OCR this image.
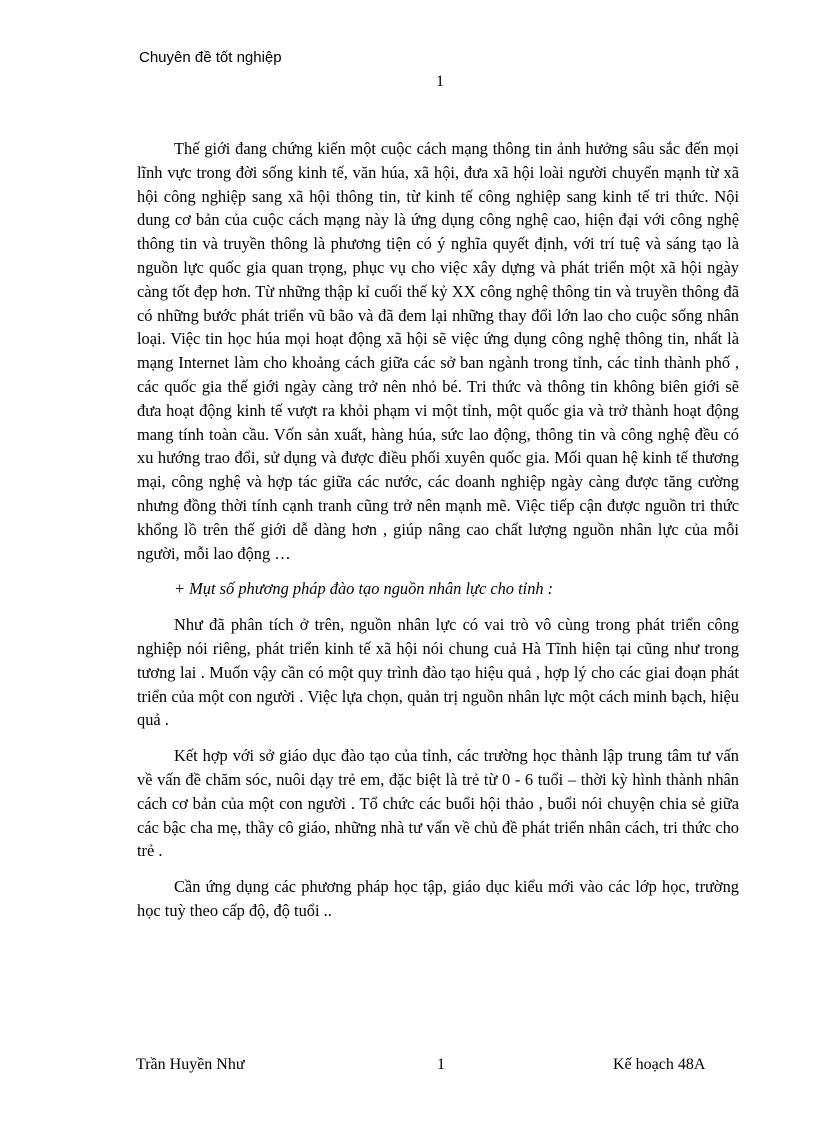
Chuyên đề tốt nghiệp
1

Thế giới đang chứng kiến một cuộc cách mạng thông tin ảnh hưởng sâu sắc đến mọi lĩnh vực trong đời sống kinh tế, văn húa, xã hội, đưa xã hội loài người chuyển mạnh từ xã hội công nghiệp sang xã hội thông tin, từ kinh tế công nghiệp sang kinh tế tri thức. Nội dung cơ bản của cuộc cách mạng này là ứng dụng công nghệ cao, hiện đại với công nghệ thông tin và truyền thông là phương tiện có ý nghĩa quyết định, với trí tuệ và sáng tạo là nguồn lực quốc gia quan trọng, phục vụ cho việc xây dựng và phát triển một xã hội ngày càng tốt đẹp hơn. Từ những thập kỉ cuối thế kỷ XX công nghệ thông tin và truyền thông đã có những bước phát triển vũ bão và đã đem lại những thay đổi lớn lao cho cuộc sống nhân loại. Việc tin học húa mọi hoạt động xã hội sẽ việc ứng dụng công nghệ thông tin, nhất là mạng Internet làm cho khoảng cách giữa các sở ban ngành trong tỉnh, các tỉnh thành phố , các quốc gia thế giới ngày càng trở nên nhỏ bé. Tri thức và thông tin không biên giới sẽ đưa hoạt động kinh tế vượt ra khỏi phạm vi một tỉnh, một quốc gia và trở thành hoạt động mang tính toàn cầu. Vốn sản xuất, hàng húa, sức lao động, thông tin và công nghệ đều có xu hướng trao đổi, sử dụng và được điều phối xuyên quốc gia. Mối quan hệ kinh tế thương mại, công nghệ và hợp tác giữa các nước, các doanh nghiệp ngày càng được tăng cường nhưng đồng thời tính cạnh tranh cũng trở nên mạnh mẽ. Việc tiếp cận được nguồn tri thức khổng lồ trên thế giới dễ dàng hơn , giúp nâng cao chất lượng nguồn nhân lực của mỗi người, mỗi lao động …

+ Mụt số phương pháp đào tạo nguồn nhân lực cho tỉnh :

Như đã phân tích ở trên, nguồn nhân lực có vai trò vô cùng trong phát triển công nghiệp nói riêng, phát triển kinh tế xã hội nói chung cuả Hà Tĩnh hiện tại cũng như trong tương lai . Muốn vậy cần có một quy trình đào tạo hiệu quả , hợp lý cho các giai đoạn phát triển của một con người . Việc lựa chọn, quản trị nguồn nhân lực một cách minh bạch, hiệu quả .

Kết hợp với sở giáo dục đào tạo của tỉnh, các trường học thành lập trung tâm tư vấn về vấn đề chăm sóc, nuôi dạy trẻ em, đặc biệt là trẻ từ 0 - 6 tuổi – thời kỳ hình thành nhân cách cơ bản của một con người . Tổ chức các buổi hội thảo , buổi nói chuyện chia sẻ giữa các bậc cha mẹ, thầy cô giáo, những nhà tư vấn về chủ đề phát triển nhân cách, tri thức cho trẻ .

Cần ứng dụng các phương pháp học tập, giáo dục kiểu mới vào các lớp học, trường học tuỳ theo cấp độ, độ tuổi ..

Trần Huyền Như	1	Kế hoạch 48A
